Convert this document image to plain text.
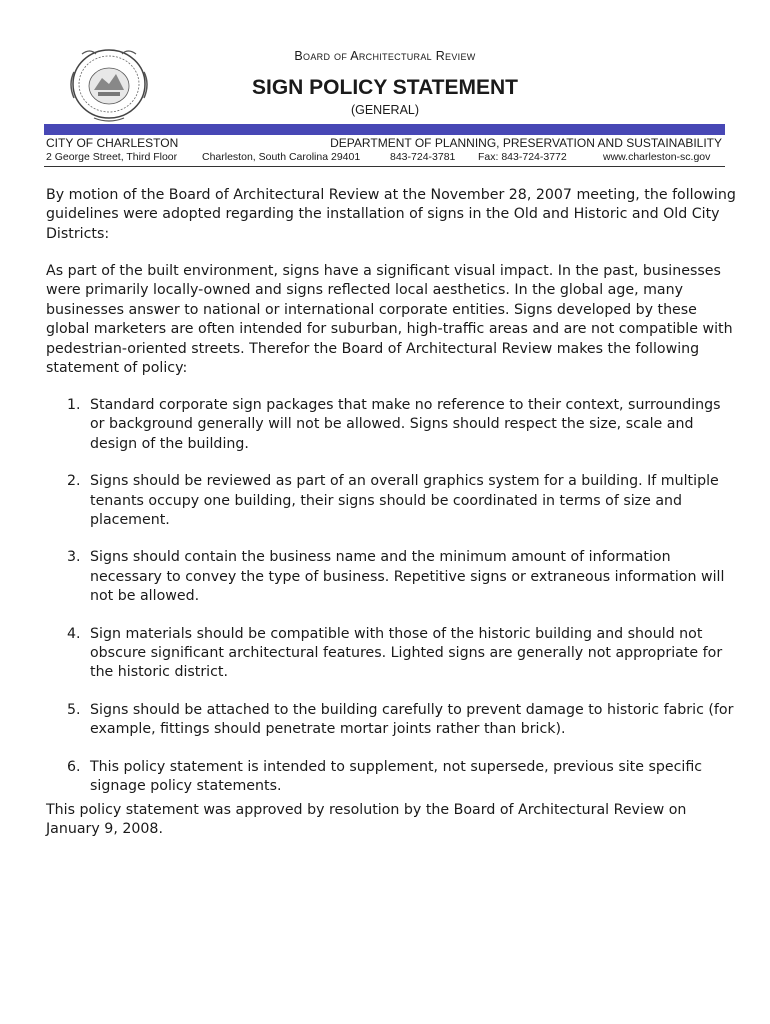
Board of Architectural Review
SIGN POLICY STATEMENT
(GENERAL)
CITY OF CHARLESTON	DEPARTMENT OF PLANNING, PRESERVATION AND SUSTAINABILITY
2 George Street, Third Floor Charleston, South Carolina 29401	843-724-3781 Fax: 843-724-3772	www.charleston-sc.gov
By motion of the Board of Architectural Review at the November 28, 2007 meeting, the following guidelines were adopted regarding the installation of signs in the Old and Historic and Old City Districts:
As part of the built environment, signs have a significant visual impact. In the past, businesses were primarily locally-owned and signs reflected local aesthetics. In the global age, many businesses answer to national or international corporate entities. Signs developed by these global marketers are often intended for suburban, high-traffic areas and are not compatible with pedestrian-oriented streets. Therefor the Board of Architectural Review makes the following statement of policy:
1. Standard corporate sign packages that make no reference to their context, surroundings or background generally will not be allowed. Signs should respect the size, scale and design of the building.
2. Signs should be reviewed as part of an overall graphics system for a building. If multiple tenants occupy one building, their signs should be coordinated in terms of size and placement.
3. Signs should contain the business name and the minimum amount of information necessary to convey the type of business. Repetitive signs or extraneous information will not be allowed.
4. Sign materials should be compatible with those of the historic building and should not obscure significant architectural features. Lighted signs are generally not appropriate for the historic district.
5. Signs should be attached to the building carefully to prevent damage to historic fabric (for example, fittings should penetrate mortar joints rather than brick).
6. This policy statement is intended to supplement, not supersede, previous site specific signage policy statements.
This policy statement was approved by resolution by the Board of Architectural Review on January 9, 2008.
